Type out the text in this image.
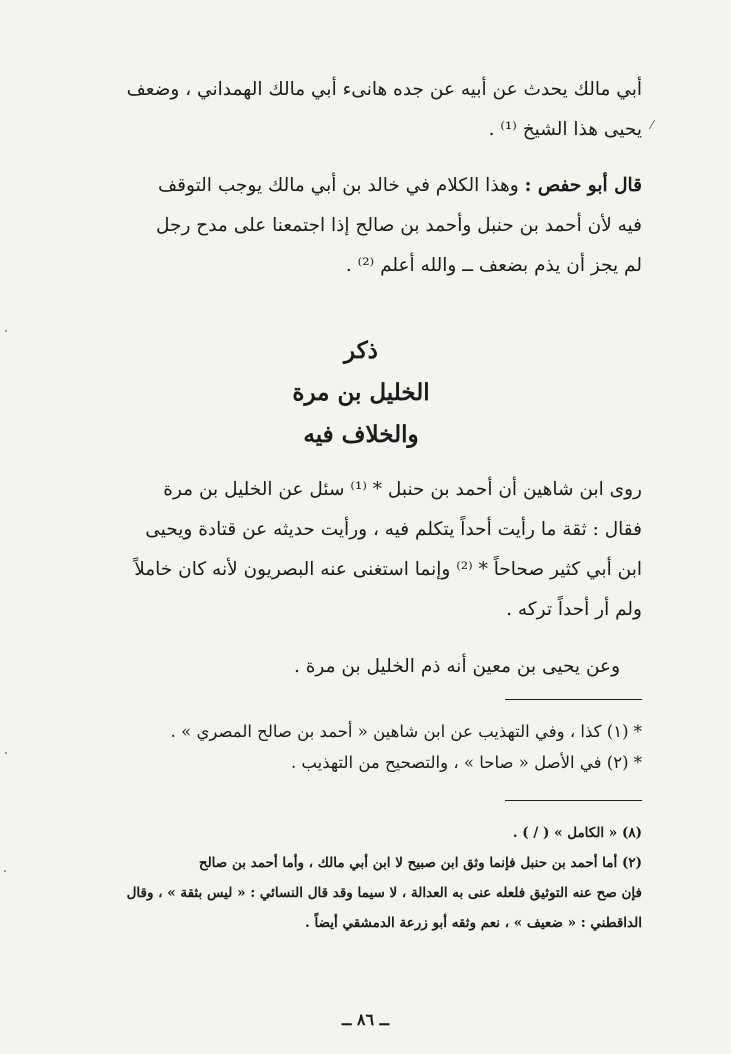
أبي مالك يحدث عن أبيه عن جده هانىء أبي مالك الهمداني ، وضعف
يحيى هذا الشيخ ⁽¹⁾ . ⁄
قال أبو حفص : وهذا الكلام في خالد بن أبي مالك يوجب التوقف
فيه لأن أحمد بن حنبل وأحمد بن صالح إذا اجتمعنا على مدح رجل
لم يجز أن يذم بضعف ــ والله أعلم ⁽²⁾ .
ذكر
الخليل بن مرة
والخلاف فيه
روى ابن شاهين أن أحمد بن حنبل * ⁽¹⁾ سئل عن الخليل بن مرة
فقال : ثقة ما رأيت أحداً يتكلم فيه ، ورأيت حديثه عن قتادة ويحيى
ابن أبي كثير صحاحاً * ⁽²⁾ وإنما استغنى عنه البصريون لأنه كان خاملاً
ولم أر أحداً تركه .
وعن يحيى بن معين أنه ذم الخليل بن مرة .
* (١) كذا ، وفي التهذيب عن ابن شاهين « أحمد بن صالح المصري » .
* (٢) في الأصل « صاحا » ، والتصحيح من التهذيب .
(٨) « الكامل » ( / ) .
(٢) أما أحمد بن حنبل فإنما وثق ابن صبيح لا ابن أبي مالك ، وأما أحمد بن صالح
فإن صح عنه التوثيق فلعله عنى به العدالة ، لا سيما وقد قال النسائي : « ليس بثقة » ، وقال
الداقطني : « ضعيف » ، نعم وثقه أبو زرعة الدمشقي أيضاً .
ــ ٨٦ ــ
